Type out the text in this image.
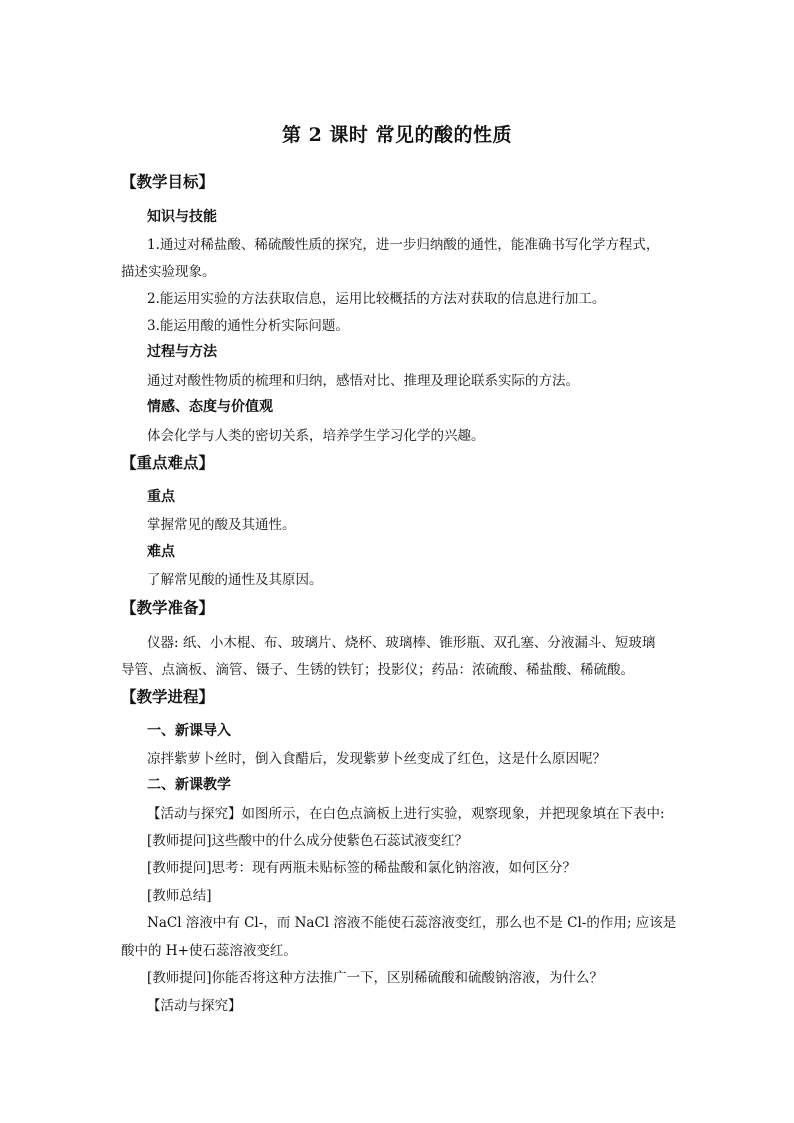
第 2 课时 常见的酸的性质
【教学目标】
知识与技能
1.通过对稀盐酸、稀硫酸性质的探究，进一步归纳酸的通性，能准确书写化学方程式，
描述实验现象。
2.能运用实验的方法获取信息，运用比较概括的方法对获取的信息进行加工。
3.能运用酸的通性分析实际问题。
过程与方法
通过对酸性物质的梳理和归纳，感悟对比、推理及理论联系实际的方法。
情感、态度与价值观
体会化学与人类的密切关系，培养学生学习化学的兴趣。
【重点难点】
重点
掌握常见的酸及其通性。
难点
了解常见酸的通性及其原因。
【教学准备】
仪器: 纸、小木棍、布、玻璃片、烧杯、玻璃棒、锥形瓶、双孔塞、分液漏斗、短玻璃
导管、点滴板、滴管、镊子、生锈的铁钉；投影仪；药品：浓硫酸、稀盐酸、稀硫酸。
【教学进程】
一、新课导入
凉拌紫萝卜丝时，倒入食醋后，发现紫萝卜丝变成了红色，这是什么原因呢？
二、新课教学
【活动与探究】如图所示，在白色点滴板上进行实验，观察现象，并把现象填在下表中:
[教师提问]这些酸中的什么成分使紫色石蕊试液变红？
[教师提问]思考：现有两瓶未贴标签的稀盐酸和氯化钠溶液，如何区分？
[教师总结]
NaCl 溶液中有 Cl-，而 NaCl 溶液不能使石蕊溶液变红，那么也不是 Cl-的作用; 应该是
酸中的 H+使石蕊溶液变红。
[教师提问]你能否将这种方法推广一下，区别稀硫酸和硫酸钠溶液，为什么？
【活动与探究】
